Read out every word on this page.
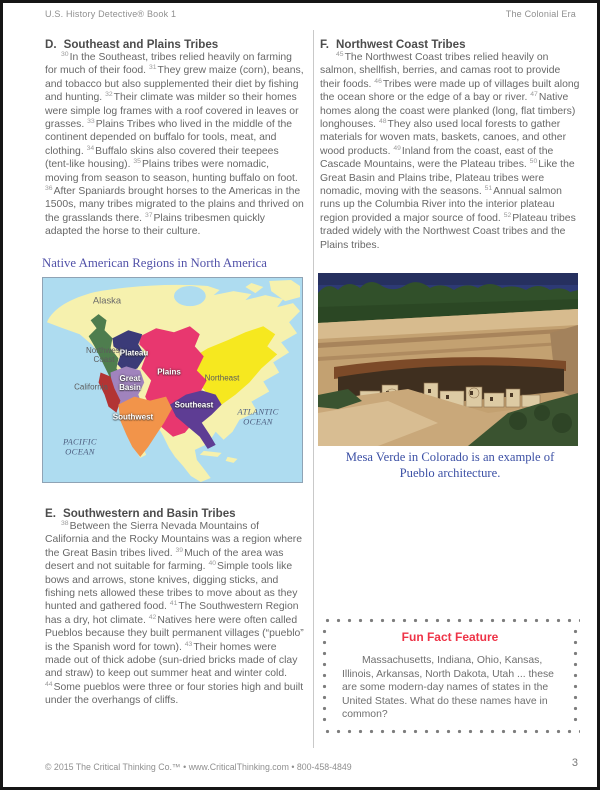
U.S. History Detective® Book 1	The Colonial Era
D. Southeast and Plains Tribes
$^{30}$In the Southeast, tribes relied heavily on farming for much of their food. $^{31}$They grew maize (corn), beans, and tobacco but also supplemented their diet by fishing and hunting. $^{32}$Their climate was milder so their homes were simple log frames with a roof covered in leaves or grasses. $^{33}$Plains Tribes who lived in the middle of the continent depended on buffalo for tools, meat, and clothing. $^{34}$Buffalo skins also covered their teepees (tent-like housing). $^{35}$Plains tribes were nomadic, moving from season to season, hunting buffalo on foot. $^{36}$After Spaniards brought horses to the Americas in the 1500s, many tribes migrated to the plains and thrived on the grasslands there. $^{37}$Plains tribesmen quickly adapted the horse to their culture.
Native American Regions in North America
Alaska
Northwest
Coast
Plateau
Plains
Northeast
Great
Basin
California
Southwest
Southeast
ATLANTIC
OCEAN
PACIFIC
OCEAN
E. Southwestern and Basin Tribes
$^{38}$Between the Sierra Nevada Mountains of California and the Rocky Mountains was a region where the Great Basin tribes lived. $^{39}$Much of the area was desert and not suitable for farming. $^{40}$Simple tools like bows and arrows, stone knives, digging sticks, and fishing nets allowed these tribes to move about as they hunted and gathered food. $^{41}$The Southwestern Region has a dry, hot climate. $^{42}$Natives here were often called Pueblos because they built permanent villages (“pueblo” is the Spanish word for town). $^{43}$Their homes were made out of thick adobe (sun-dried bricks made of clay and straw) to keep out summer heat and winter cold. $^{44}$Some pueblos were three or four stories high and built under the overhangs of cliffs.
F. Northwest Coast Tribes
$^{45}$The Northwest Coast tribes relied heavily on salmon, shellfish, berries, and camas root to provide their foods. $^{46}$Tribes were made up of villages built along the ocean shore or the edge of a bay or river. $^{47}$Native homes along the coast were planked (long, flat timbers) longhouses. $^{48}$They also used local forests to gather materials for woven mats, baskets, canoes, and other wood products. $^{49}$Inland from the coast, east of the Cascade Mountains, were the Plateau tribes. $^{50}$Like the Great Basin and Plains tribe, Plateau tribes were nomadic, moving with the seasons. $^{51}$Annual salmon runs up the Columbia River into the interior plateau region provided a major source of food. $^{52}$Plateau tribes traded widely with the Northwest Coast tribes and the Plains tribes.
Mesa Verde in Colorado is an example of Pueblo architecture.
Fun Fact Feature
Massachusetts, Indiana, Ohio, Kansas, Illinois, Arkansas, North Dakota, Utah ... these are some modern-day names of states in the United States. What do these names have in common?
© 2015 The Critical Thinking Co.™ • www.CriticalThinking.com • 800-458-4849	3
